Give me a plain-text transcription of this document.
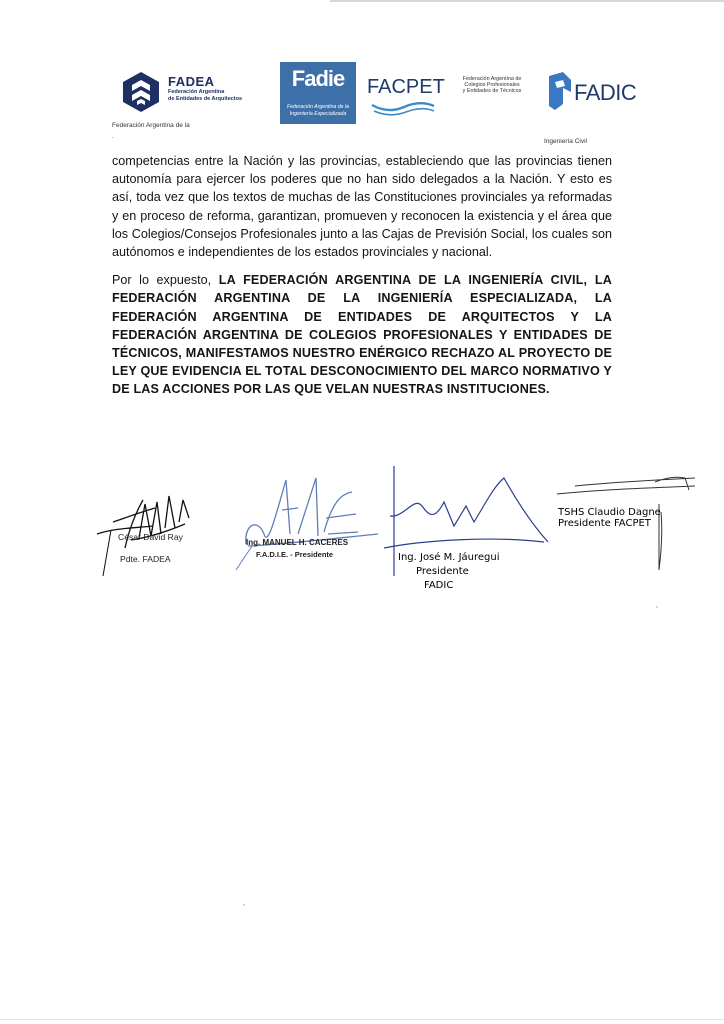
FADEA
Federación Argentina
de Entidades de Arquitectos
Federación Argentina de la
.
Fadie
Federación Argentina de la
Ingeniería Especializada
FACPET	Federación Argentina de
Colegios Profesionales
y Entidades de Técnicos	FADIC
Ingeniería Civil

competencias entre la Nación y las provincias, estableciendo que las provincias tienen autonomía para ejercer los poderes que no han sido delegados a la Nación. Y esto es así, toda vez que los textos de muchas de las Constituciones provinciales ya reformadas y en proceso de reforma, garantizan, promueven y reconocen la existencia y el área que los Colegios/Consejos Profesionales junto a las Cajas de Previsión Social, los cuales son autónomos e independientes de los estados provinciales y nacional.

Por lo expuesto, LA FEDERACIÓN ARGENTINA DE LA INGENIERÍA CIVIL, LA FEDERACIÓN ARGENTINA DE LA INGENIERÍA ESPECIALIZADA, LA FEDERACIÓN ARGENTINA DE ENTIDADES DE ARQUITECTOS Y LA FEDERACIÓN ARGENTINA DE COLEGIOS PROFESIONALES Y ENTIDADES DE TÉCNICOS, MANIFESTAMOS NUESTRO ENÉRGICO RECHAZO AL PROYECTO DE LEY QUE EVIDENCIA EL TOTAL DESCONOCIMIENTO DEL MARCO NORMATIVO Y DE LAS ACCIONES POR LAS QUE VELAN NUESTRAS INSTITUCIONES.

César David Ray
Pdte. FADEA
Ing. MANUEL H. CACERES
F.A.D.I.E. - Presidente	Ing. José M. Jáuregui
Presidente
FADIC
TSHS Claudio Dagne
Presidente FACPET
